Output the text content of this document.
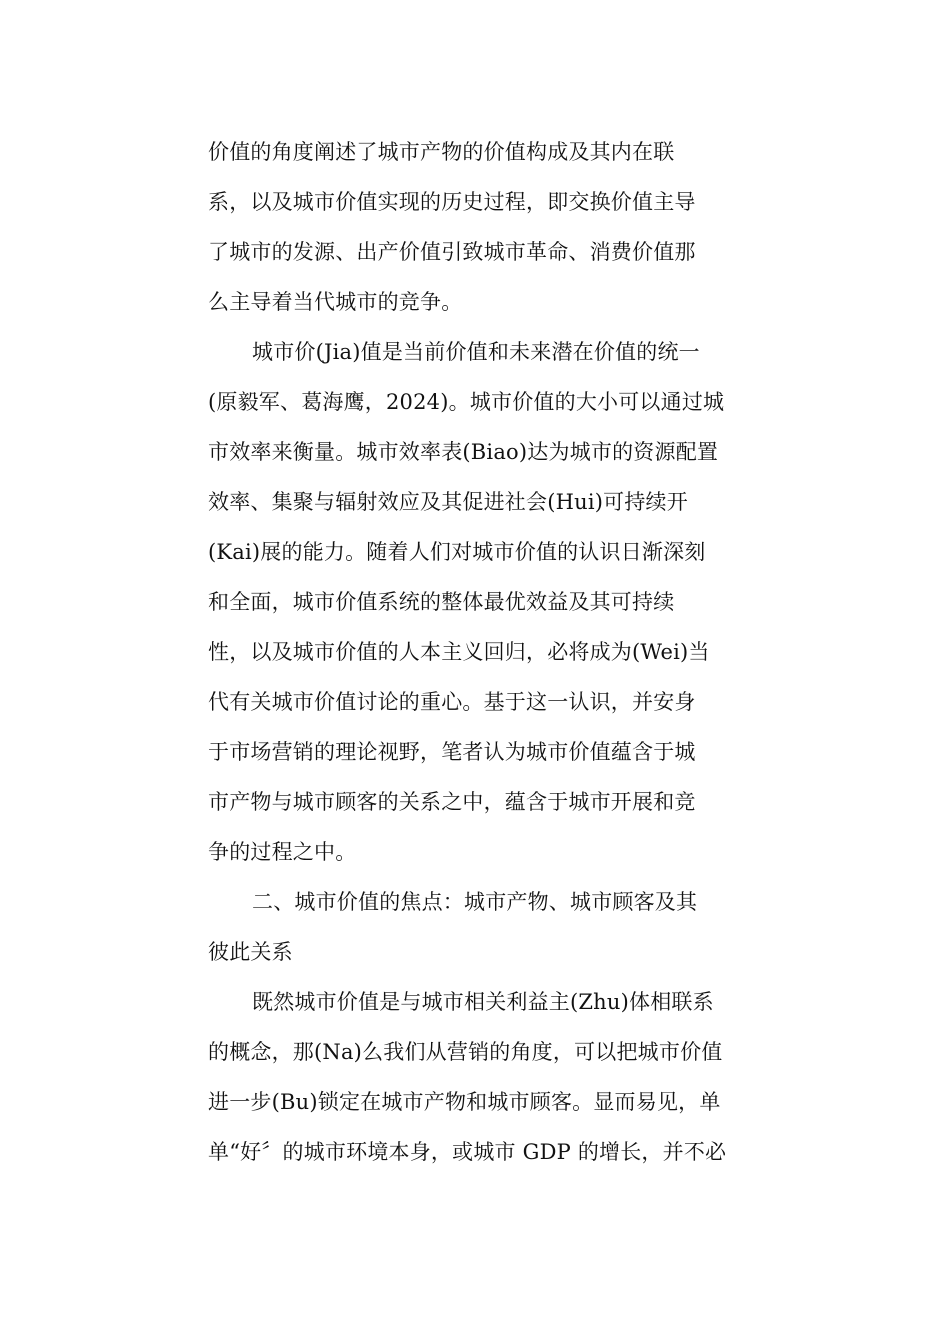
价值的角度阐述了城市产物的价值构成及其内在联
系，以及城市价值实现的历史过程，即交换价值主导
了城市的发源、出产价值引致城市革命、消费价值那
么主导着当代城市的竞争。
城市价(Jia)值是当前价值和未来潜在价值的统一
(原毅军、葛海鹰，2024)。城市价值的大小可以通过城
市效率来衡量。城市效率表(Biao)达为城市的资源配置
效率、集聚与辐射效应及其促进社会(Hui)可持续开
(Kai)展的能力。随着人们对城市价值的认识日渐深刻
和全面，城市价值系统的整体最优效益及其可持续
性，以及城市价值的人本主义回归，必将成为(Wei)当
代有关城市价值讨论的重心。基于这一认识，并安身
于市场营销的理论视野，笔者认为城市价值蕴含于城
市产物与城市顾客的关系之中，蕴含于城市开展和竞
争的过程之中。
二、城市价值的焦点：城市产物、城市顾客及其
彼此关系
既然城市价值是与城市相关利益主(Zhu)体相联系
的概念，那(Na)么我们从营销的角度，可以把城市价值
进一步(Bu)锁定在城市产物和城市顾客。显而易见，单
单“好〞的城市环境本身，或城市 GDP 的增长，并不必
